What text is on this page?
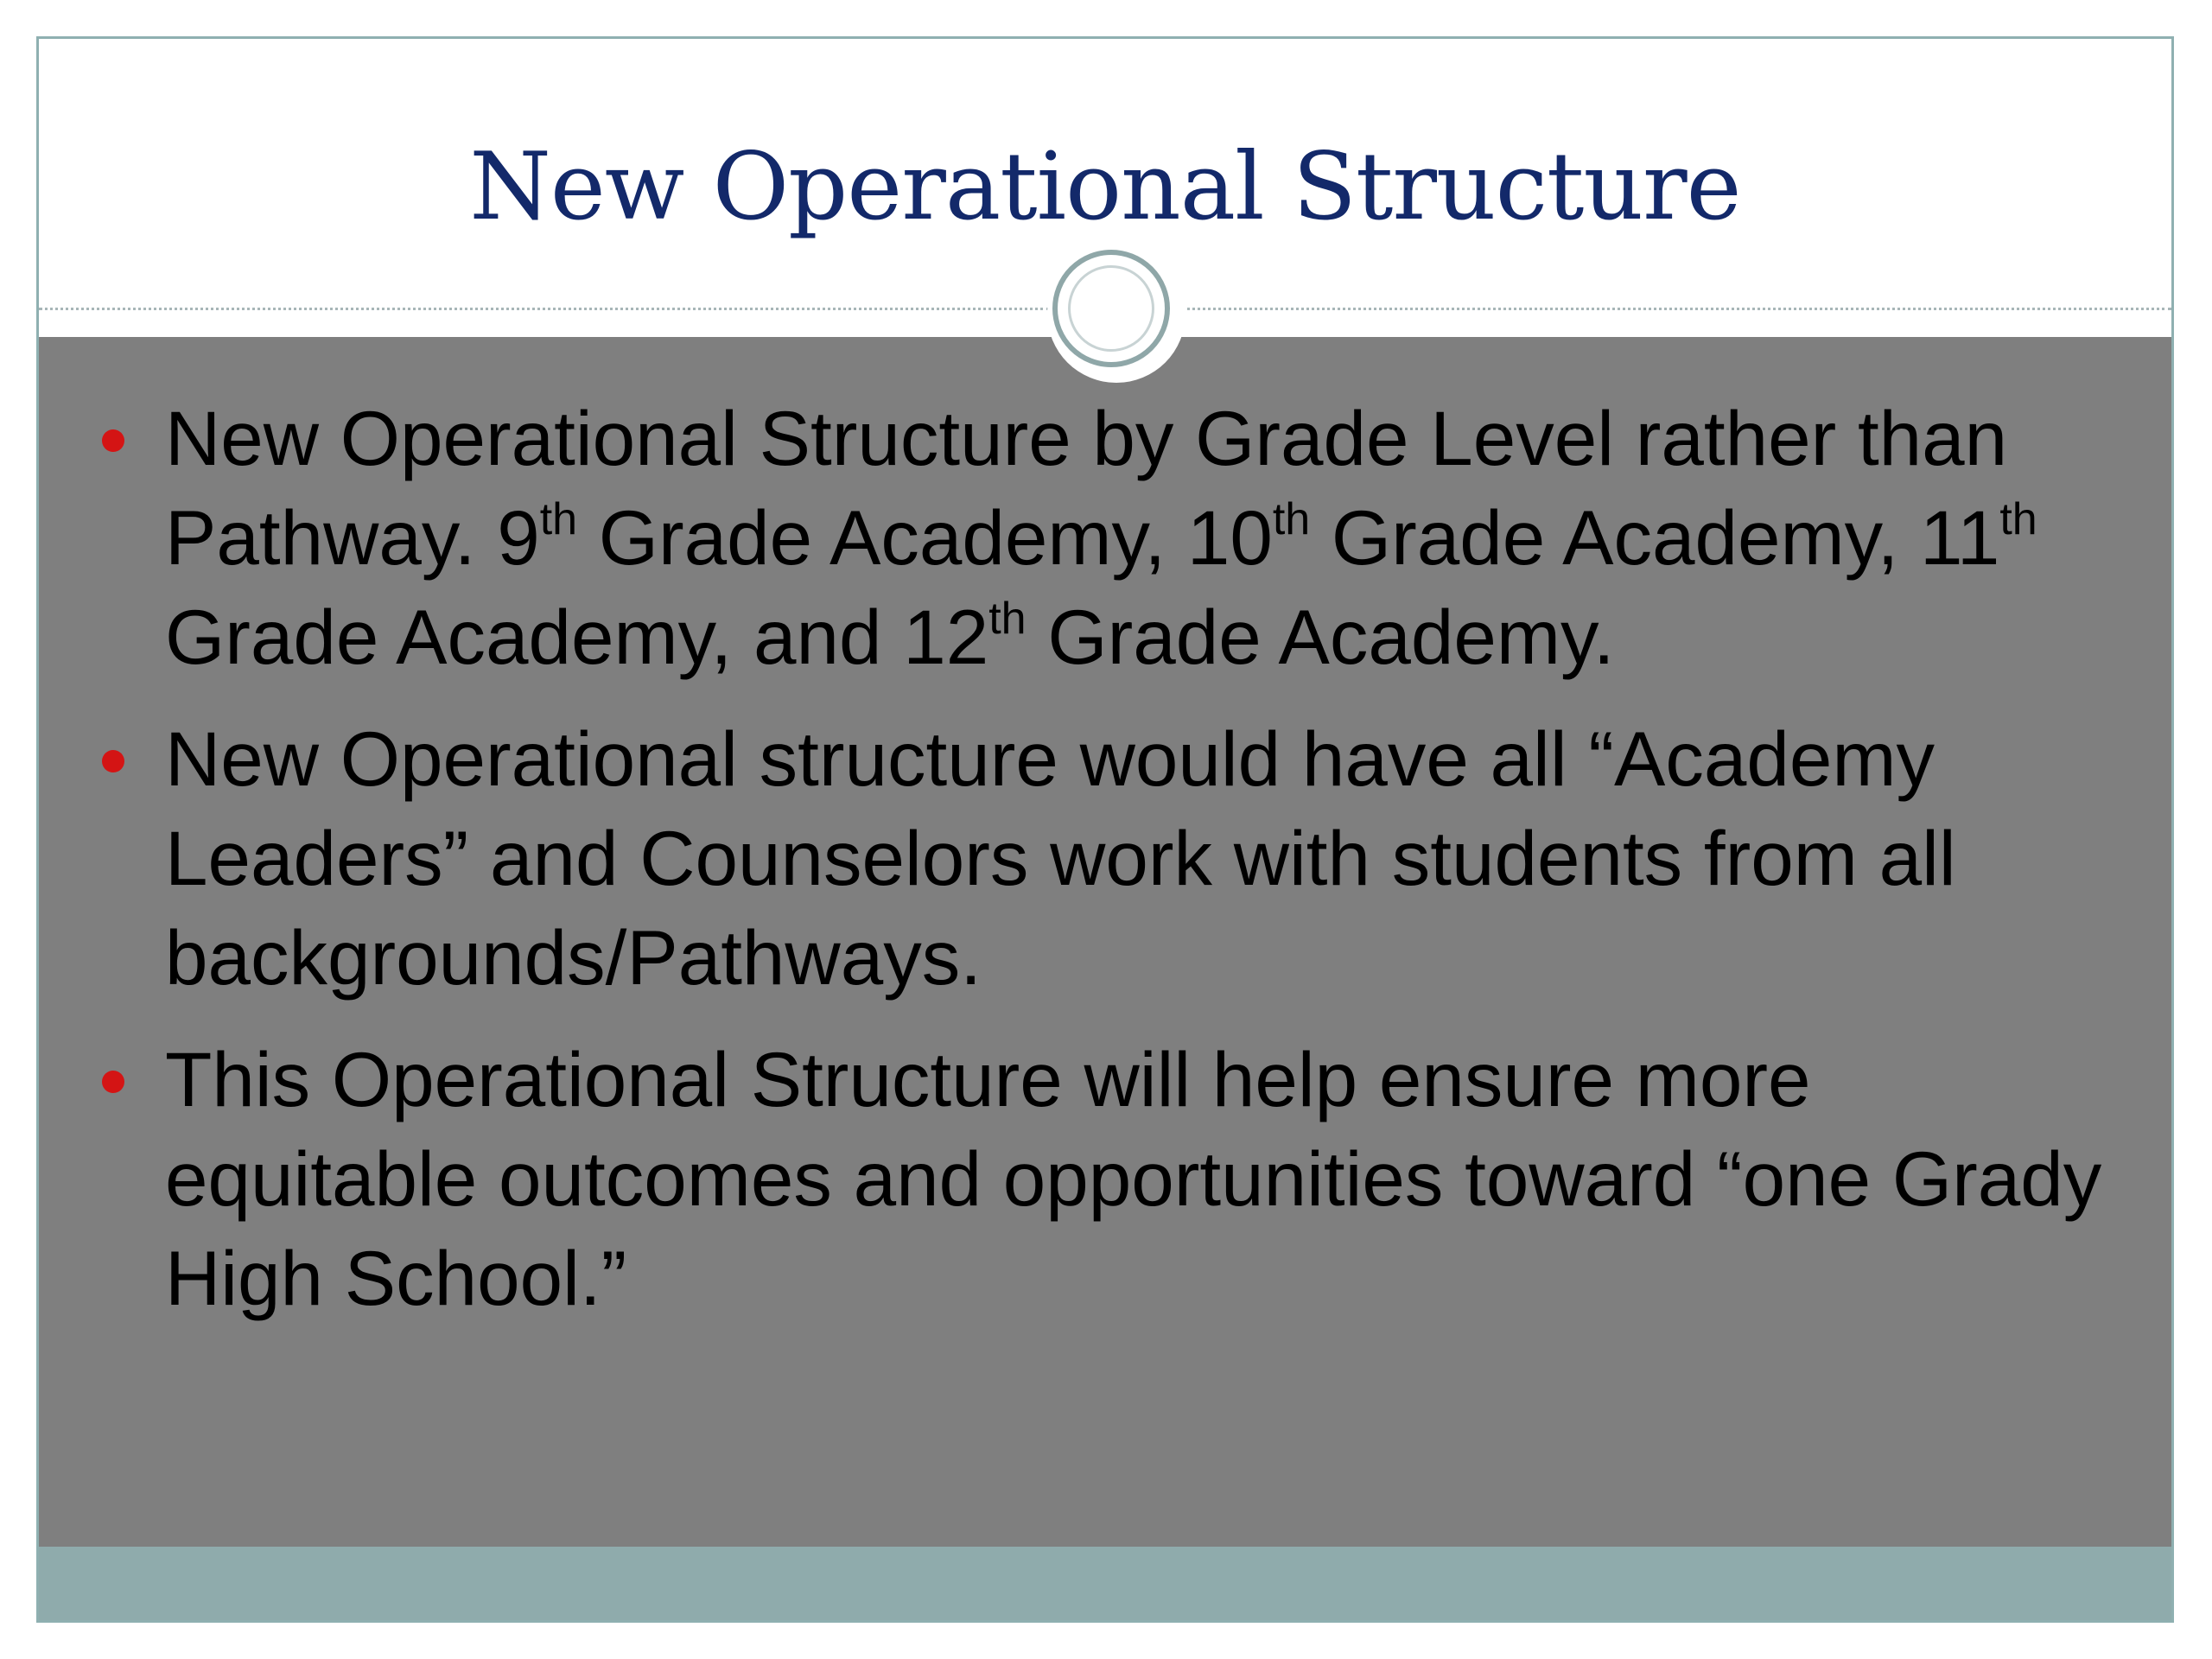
New Operational Structure
New Operational Structure by Grade Level rather than Pathway. 9th Grade Academy, 10th Grade Academy, 11th Grade Academy, and 12th Grade Academy.
New Operational structure would have all “Academy Leaders” and Counselors work with students from all backgrounds/Pathways.
This Operational Structure will help ensure more equitable outcomes and opportunities toward “one Grady High School.”
